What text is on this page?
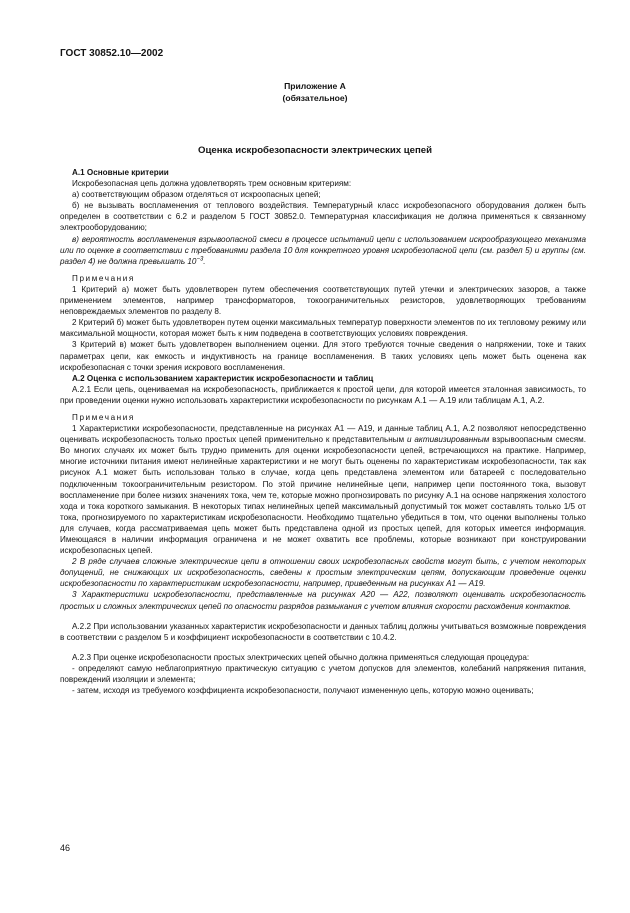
ГОСТ 30852.10—2002
Приложение А
(обязательное)
Оценка искробезопасности электрических цепей

А.1 Основные критерии

Искробезопасная цепь должна удовлетворять трем основным критериям:

а) соответствующим образом отделяться от искроопасных цепей;

б) не вызывать воспламенения от теплового воздействия. Температурный класс искробезопасного оборудования должен быть определен в соответствии с 6.2 и разделом 5 ГОСТ 30852.0. Температурная классификация не должна применяться к связанному электрооборудованию;

в) вероятность воспламенения взрывоопасной смеси в процессе испытаний цепи с использованием искрообразующего механизма или по оценке в соответствии с требованиями раздела 10 для конкретного уровня искробезопасной цепи (см. раздел 5) и группы (см. раздел 4) не должна превышать $10^{-3}$.

Примечания

1 Критерий а) может быть удовлетворен путем обеспечения соответствующих путей утечки и электрических зазоров, а также применением элементов, например трансформаторов, токоограничительных резисторов, удовлетворяющих требованиям неповреждаемых элементов по разделу 8.

2 Критерий б) может быть удовлетворен путем оценки максимальных температур поверхности элементов по их тепловому режиму или максимальной мощности, которая может быть к ним подведена в соответствующих условиях повреждения.

3 Критерий в) может быть удовлетворен выполнением оценки. Для этого требуются точные сведения о напряжении, токе и таких параметрах цепи, как емкость и индуктивность на границе воспламенения. В таких условиях цепь может быть оценена как искробезопасная с точки зрения искрового воспламенения.

А.2 Оценка с использованием характеристик искробезопасности и таблиц

А.2.1 Если цепь, оцениваемая на искробезопасность, приближается к простой цепи, для которой имеется эталонная зависимость, то при проведении оценки нужно использовать характеристики искробезопасности по рисункам А.1 — А.19 или таблицам А.1, А.2.

Примечания

1 Характеристики искробезопасности, представленные на рисунках А1 — А19, и данные таблиц А.1, А.2 позволяют непосредственно оценивать искробезопасность только простых цепей применительно к представительным и активизированным взрывоопасным смесям. Во многих случаях их может быть трудно применить для оценки искробезопасности цепей, встречающихся на практике. Например, многие источники питания имеют нелинейные характеристики и не могут быть оценены по характеристикам искробезопасности, так как рисунок А.1 может быть использован только в случае, когда цепь представлена элементом или батареей с последовательно подключенным токоограничительным резистором. По этой причине нелинейные цепи, например цепи постоянного тока, вызовут воспламенение при более низких значениях тока, чем те, которые можно прогнозировать по рисунку А.1 на основе напряжения холостого хода и тока короткого замыкания. В некоторых типах нелинейных цепей максимальный допустимый ток может составлять только 1/5 от тока, прогнозируемого по характеристикам искробезопасности. Необходимо тщательно убедиться в том, что оценки выполнены только для случаев, когда рассматриваемая цепь может быть представлена одной из простых цепей, для которых имеется информация. Имеющаяся в наличии информация ограничена и не может охватить все проблемы, которые возникают при конструировании искробезопасных цепей.

2 В ряде случаев сложные электрические цепи в отношении своих искробезопасных свойств могут быть, с учетом некоторых допущений, не снижающих их искробезопасность, сведены к простым электрическим цепям, допускающим проведение оценки искробезопасности по характеристикам искробезопасности, например, приведенным на рисунках А1 — А19.

3 Характеристики искробезопасности, представленные на рисунках А20 — А22, позволяют оценивать искробезопасность простых и сложных электрических цепей по опасности разрядов размыкания с учетом влияния скорости расхождения контактов.

А.2.2 При использовании указанных характеристик искробезопасности и данных таблиц должны учитываться возможные повреждения в соответствии с разделом 5 и коэффициент искробезопасности в соответствии с 10.4.2.

А.2.3 При оценке искробезопасности простых электрических цепей обычно должна применяться следующая процедура:

- определяют самую неблагоприятную практическую ситуацию с учетом допусков для элементов, колебаний напряжения питания, повреждений изоляции и элемента;

- затем, исходя из требуемого коэффициента искробезопасности, получают измененную цепь, которую можно оценивать;

46
